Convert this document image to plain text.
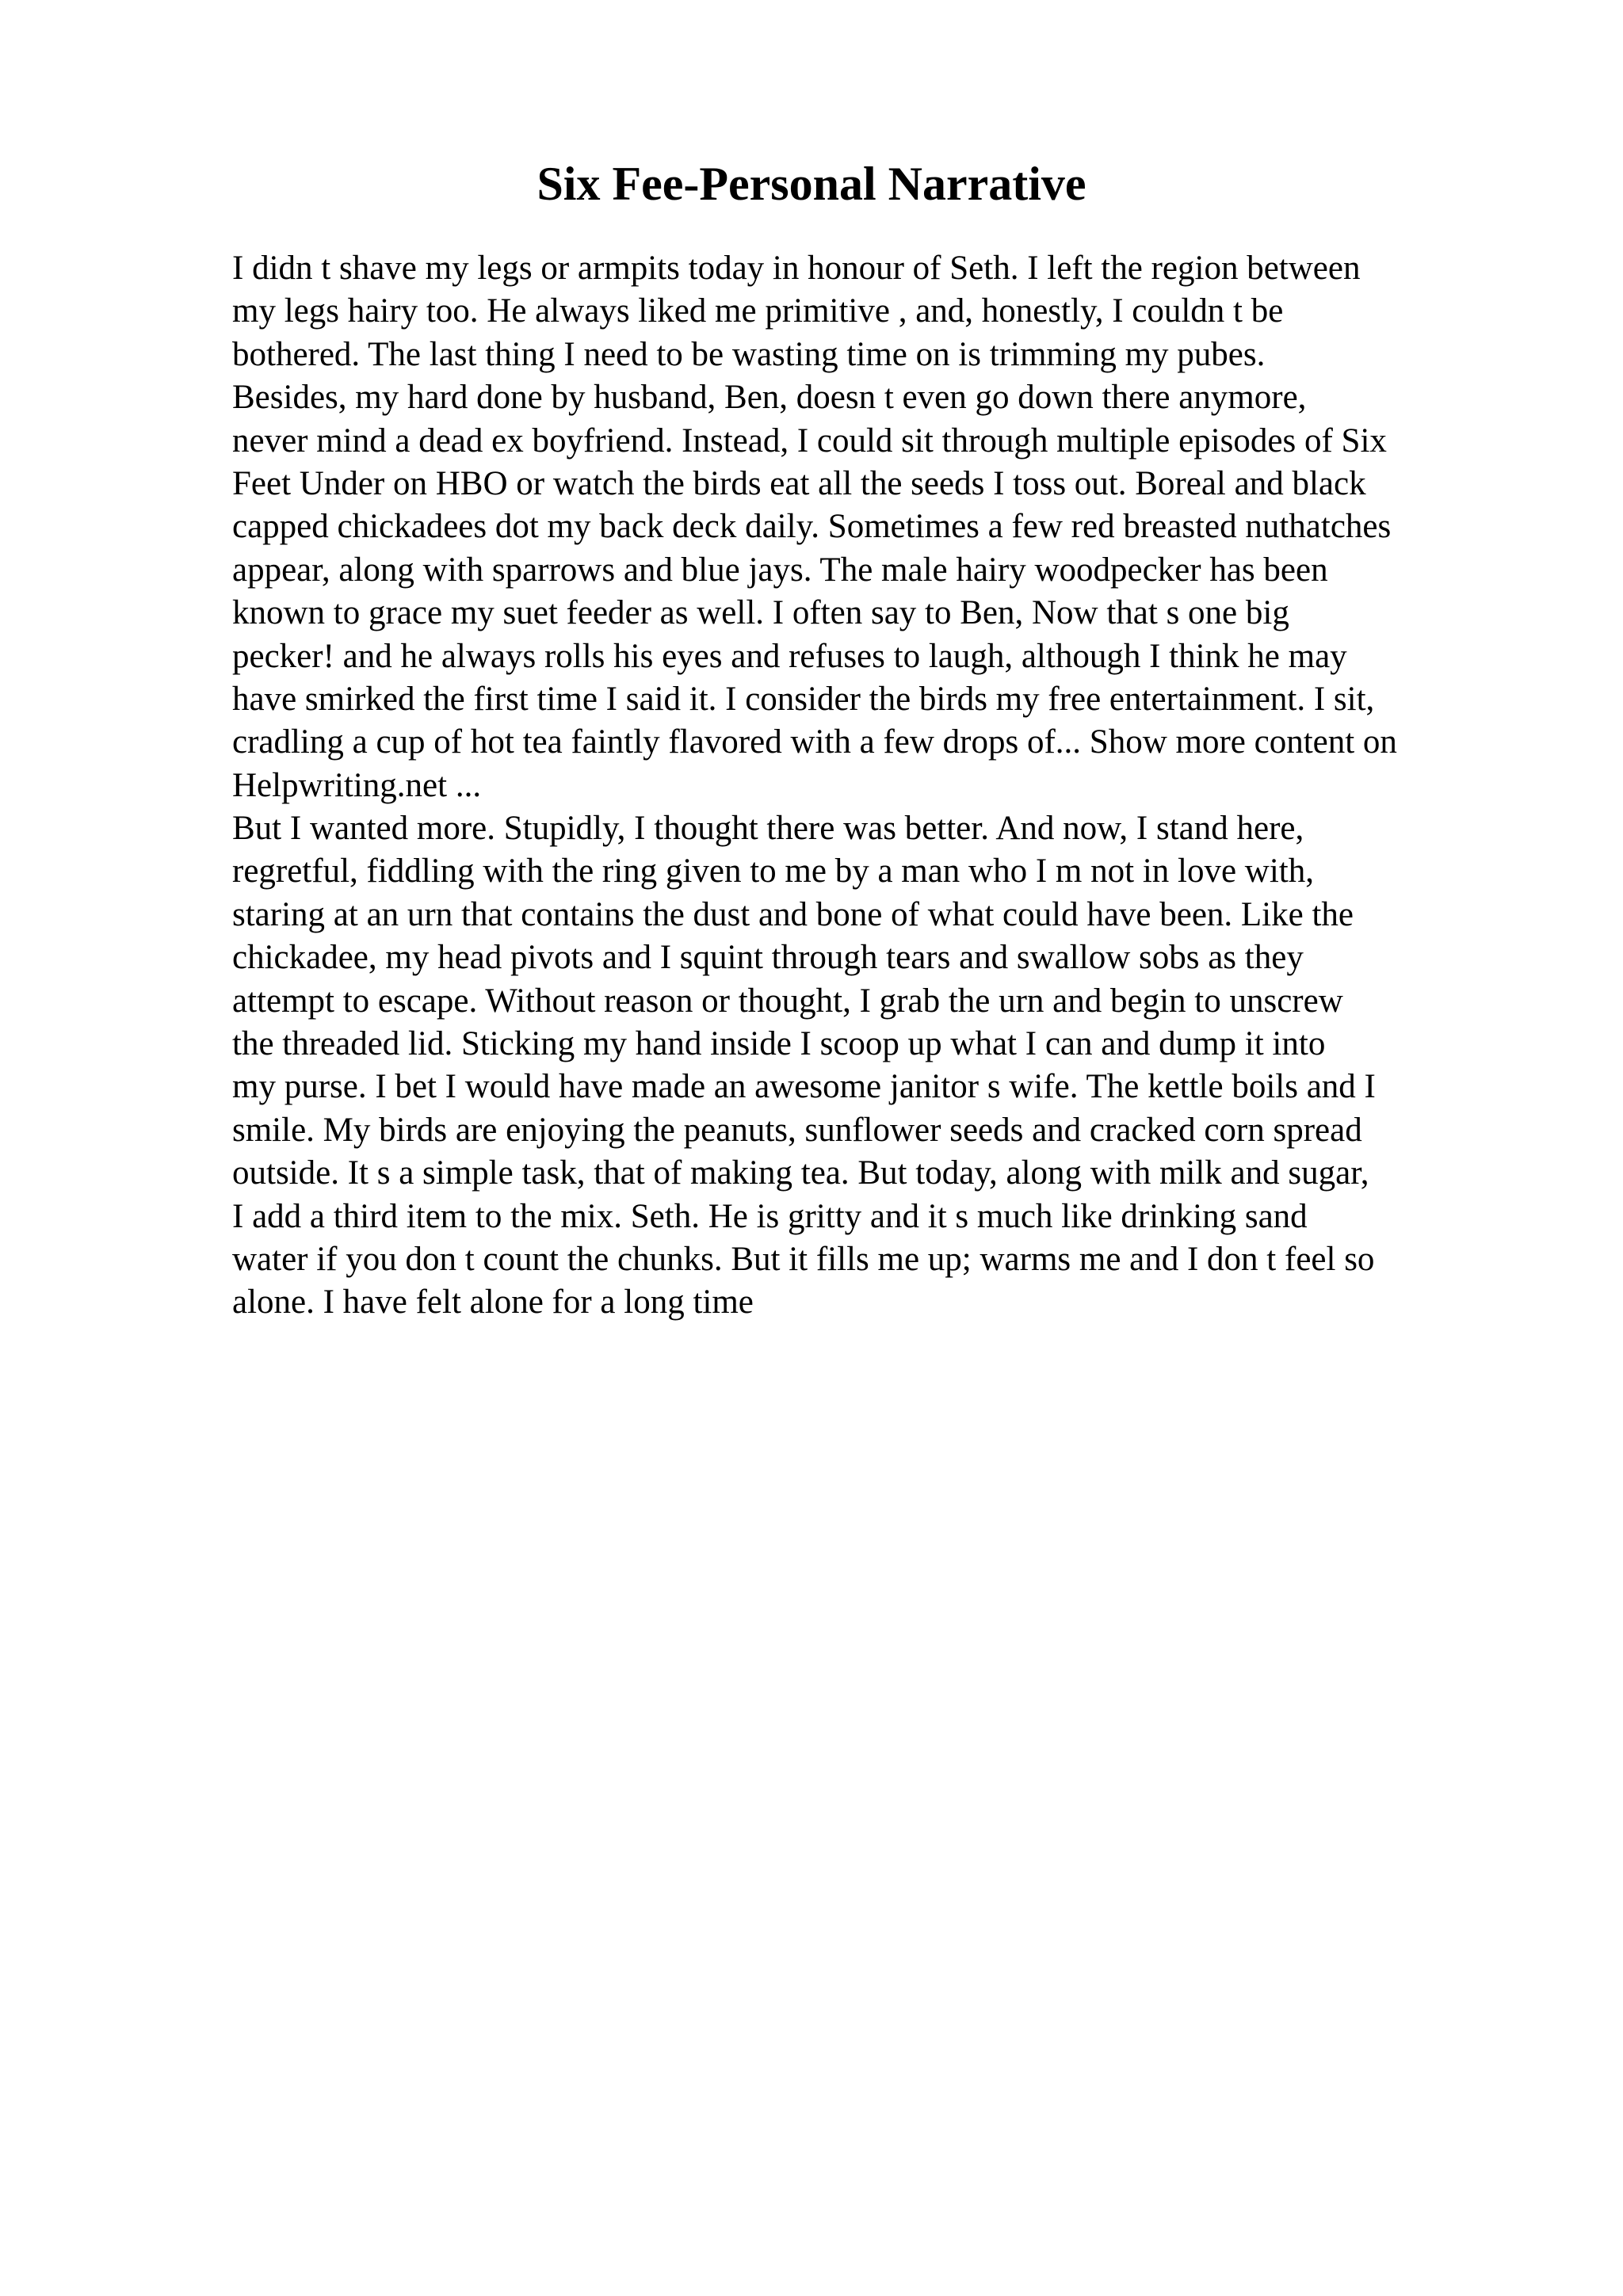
Six Fee-Personal Narrative
I didn t shave my legs or armpits today in honour of Seth. I left the region between
my legs hairy too. He always liked me primitive , and, honestly, I couldn t be
bothered. The last thing I need to be wasting time on is trimming my pubes.
Besides, my hard done by husband, Ben, doesn t even go down there anymore,
never mind a dead ex boyfriend. Instead, I could sit through multiple episodes of Six
Feet Under on HBO or watch the birds eat all the seeds I toss out. Boreal and black
capped chickadees dot my back deck daily. Sometimes a few red breasted nuthatches
appear, along with sparrows and blue jays. The male hairy woodpecker has been
known to grace my suet feeder as well. I often say to Ben, Now that s one big
pecker! and he always rolls his eyes and refuses to laugh, although I think he may
have smirked the first time I said it. I consider the birds my free entertainment. I sit,
cradling a cup of hot tea faintly flavored with a few drops of... Show more content on
Helpwriting.net ...
But I wanted more. Stupidly, I thought there was better. And now, I stand here,
regretful, fiddling with the ring given to me by a man who I m not in love with,
staring at an urn that contains the dust and bone of what could have been. Like the
chickadee, my head pivots and I squint through tears and swallow sobs as they
attempt to escape. Without reason or thought, I grab the urn and begin to unscrew
the threaded lid. Sticking my hand inside I scoop up what I can and dump it into
my purse. I bet I would have made an awesome janitor s wife. The kettle boils and I
smile. My birds are enjoying the peanuts, sunflower seeds and cracked corn spread
outside. It s a simple task, that of making tea. But today, along with milk and sugar,
I add a third item to the mix. Seth. He is gritty and it s much like drinking sand
water if you don t count the chunks. But it fills me up; warms me and I don t feel so
alone. I have felt alone for a long time
